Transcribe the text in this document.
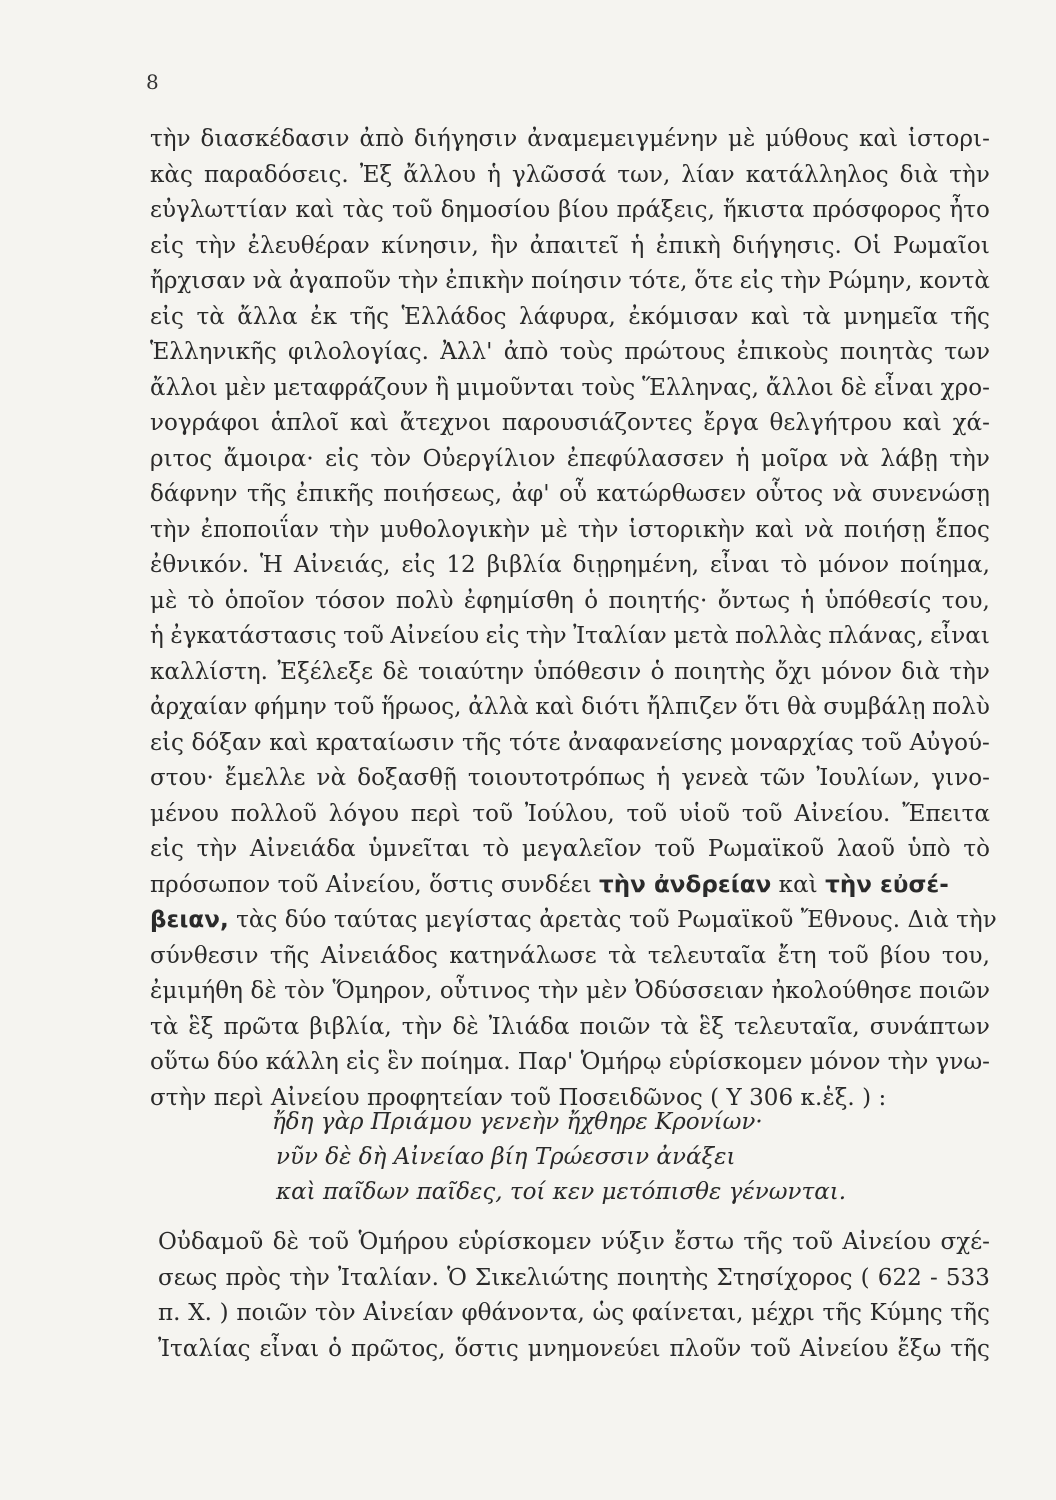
8
τὴν διασκέδασιν ἀπὸ διήγησιν ἀναμεμειγμένην μὲ μύθους καὶ ἱστορι-
κὰς παραδόσεις. Ἐξ ἄλλου ἡ γλῶσσά των, λίαν κατάλληλος διὰ τὴν
εὐγλωττίαν καὶ τὰς τοῦ δημοσίου βίου πράξεις, ἥκιστα πρόσφορος ἦτο
εἰς τὴν ἐλευθέραν κίνησιν, ἣν ἀπαιτεῖ ἡ ἐπικὴ διήγησις. Οἱ Ρωμαῖοι
ἤρχισαν νὰ ἀγαποῦν τὴν ἐπικὴν ποίησιν τότε, ὅτε εἰς τὴν Ρώμην, κοντὰ
εἰς τὰ ἄλλα ἐκ τῆς Ἑλλάδος λάφυρα, ἐκόμισαν καὶ τὰ μνημεῖα τῆς
Ἑλληνικῆς φιλολογίας. Ἀλλ' ἀπὸ τοὺς πρώτους ἐπικοὺς ποιητὰς των
ἄλλοι μὲν μεταφράζουν ἢ μιμοῦνται τοὺς Ἕλληνας, ἄλλοι δὲ εἶναι χρο-
νογράφοι ἁπλοῖ καὶ ἄτεχνοι παρουσιάζοντες ἔργα θελγήτρου καὶ χά-
ριτος ἄμοιρα· εἰς τὸν Οὐεργίλιον ἐπεφύλασσεν ἡ μοῖρα νὰ λάβῃ τὴν
δάφνην τῆς ἐπικῆς ποιήσεως, ἀφ' οὗ κατώρθωσεν οὗτος νὰ συνενώσῃ
τὴν ἐποποιΐαν τὴν μυθολογικὴν μὲ τὴν ἱστορικὴν καὶ νὰ ποιήσῃ ἔπος
ἐθνικόν. Ἡ Αἰνειάς, εἰς 12 βιβλία διῃρημένη, εἶναι τὸ μόνον ποίημα,
μὲ τὸ ὁποῖον τόσον πολὺ ἐφημίσθη ὁ ποιητής· ὄντως ἡ ὑπόθεσίς του,
ἡ ἐγκατάστασις τοῦ Αἰνείου εἰς τὴν Ἰταλίαν μετὰ πολλὰς πλάνας, εἶναι
καλλίστη. Ἐξέλεξε δὲ τοιαύτην ὑπόθεσιν ὁ ποιητὴς ὄχι μόνον διὰ τὴν
ἀρχαίαν φήμην τοῦ ἥρωος, ἀλλὰ καὶ διότι ἤλπιζεν ὅτι θὰ συμβάλῃ πολὺ
εἰς δόξαν καὶ κραταίωσιν τῆς τότε ἀναφανείσης μοναρχίας τοῦ Αὐγού-
στου· ἔμελλε νὰ δοξασθῇ τοιουτοτρόπως ἡ γενεὰ τῶν Ἰουλίων, γινο-
μένου πολλοῦ λόγου περὶ τοῦ Ἰούλου, τοῦ υἱοῦ τοῦ Αἰνείου. Ἔπειτα
εἰς τὴν Αἰνειάδα ὑμνεῖται τὸ μεγαλεῖον τοῦ Ρωμαϊκοῦ λαοῦ ὑπὸ τὸ
πρόσωπον τοῦ Αἰνείου, ὅστις συνδέει τὴν ἀνδρείαν καὶ τὴν εὐσέ-
βειαν, τὰς δύο ταύτας μεγίστας ἀρετὰς τοῦ Ρωμαϊκοῦ Ἔθνους. Διὰ τὴν
σύνθεσιν τῆς Αἰνειάδος κατηνάλωσε τὰ τελευταῖα ἔτη τοῦ βίου του,
ἐμιμήθη δὲ τὸν Ὅμηρον, οὗτινος τὴν μὲν Ὀδύσσειαν ἠκολούθησε ποιῶν
τὰ ἓξ πρῶτα βιβλία, τὴν δὲ Ἰλιάδα ποιῶν τὰ ἓξ τελευταῖα, συνάπτων
οὕτω δύο κάλλη εἰς ἓν ποίημα. Παρ' Ὁμήρῳ εὑρίσκομεν μόνον τὴν γνω-
στὴν περὶ Αἰνείου προφητείαν τοῦ Ποσειδῶνος ( Υ 306 κ.ἑξ. ) :
ἤδη γὰρ Πριάμου γενεὴν ἤχθηρε Κρονίων·
νῦν δὲ δὴ Αἰνείαο βίη Τρώεσσιν ἀνάξει
καὶ παῖδων παῖδες, τοί κεν μετόπισθε γένωνται.
Οὐδαμοῦ δὲ τοῦ Ὁμήρου εὑρίσκομεν νύξιν ἔστω τῆς τοῦ Αἰνείου σχέ-
σεως πρὸς τὴν Ἰταλίαν. Ὁ Σικελιώτης ποιητὴς Στησίχορος ( 622 - 533
π. Χ. ) ποιῶν τὸν Αἰνείαν φθάνοντα, ὡς φαίνεται, μέχρι τῆς Κύμης τῆς
Ἰταλίας εἶναι ὁ πρῶτος, ὅστις μνημονεύει πλοῦν τοῦ Αἰνείου ἔξω τῆς
